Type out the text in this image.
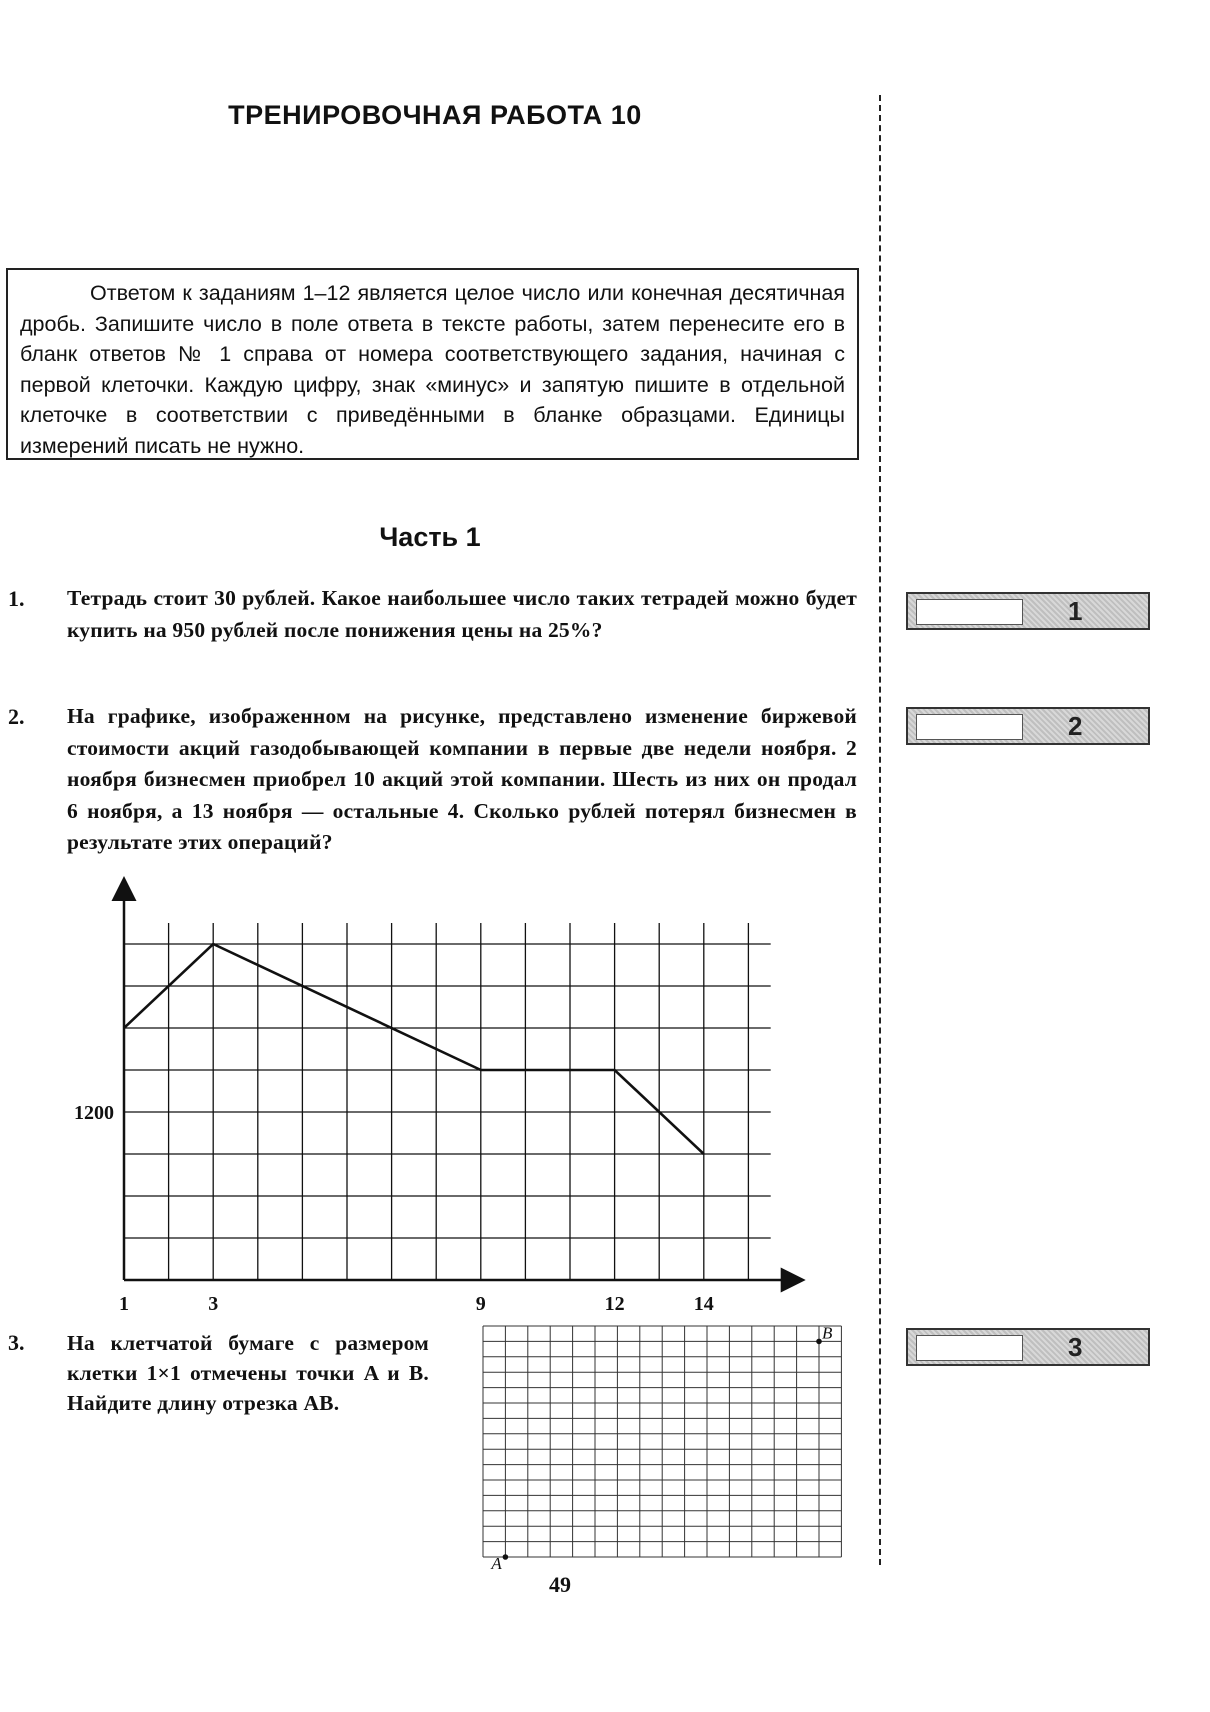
ТРЕНИРОВОЧНАЯ РАБОТА 10

Ответом к заданиям 1–12 является целое число или конечная десятичная дробь. Запишите число в поле ответа в тексте работы, затем перенесите его в бланк ответов № 1 справа от номера соответствующего задания, начиная с первой клеточки. Каждую цифру, знак «минус» и запятую пишите в отдельной клеточке в соответствии с приведёнными в бланке образцами. Единицы измерений писать не нужно.

Часть 1
1. Тетрадь стоит 30 рублей. Какое наибольшее число таких тетрадей можно будет купить на 950 рублей после понижения цены на 25%?
2. На графике, изображенном на рисунке, представлено изменение биржевой стоимости акций газодобывающей компании в первые две недели ноября. 2 ноября бизнесмен приобрел 10 акций этой компании. Шесть из них он продал 6 ноября, а 13 ноября — остальные 4. Сколько рублей потерял бизнесмен в результате этих операций?
1	3	9	12	14
1200
3. На клетчатой бумаге с размером клетки 1×1 отмечены точки A и B. Найдите длину отрезка AB.
A
B
1
2
3
49
